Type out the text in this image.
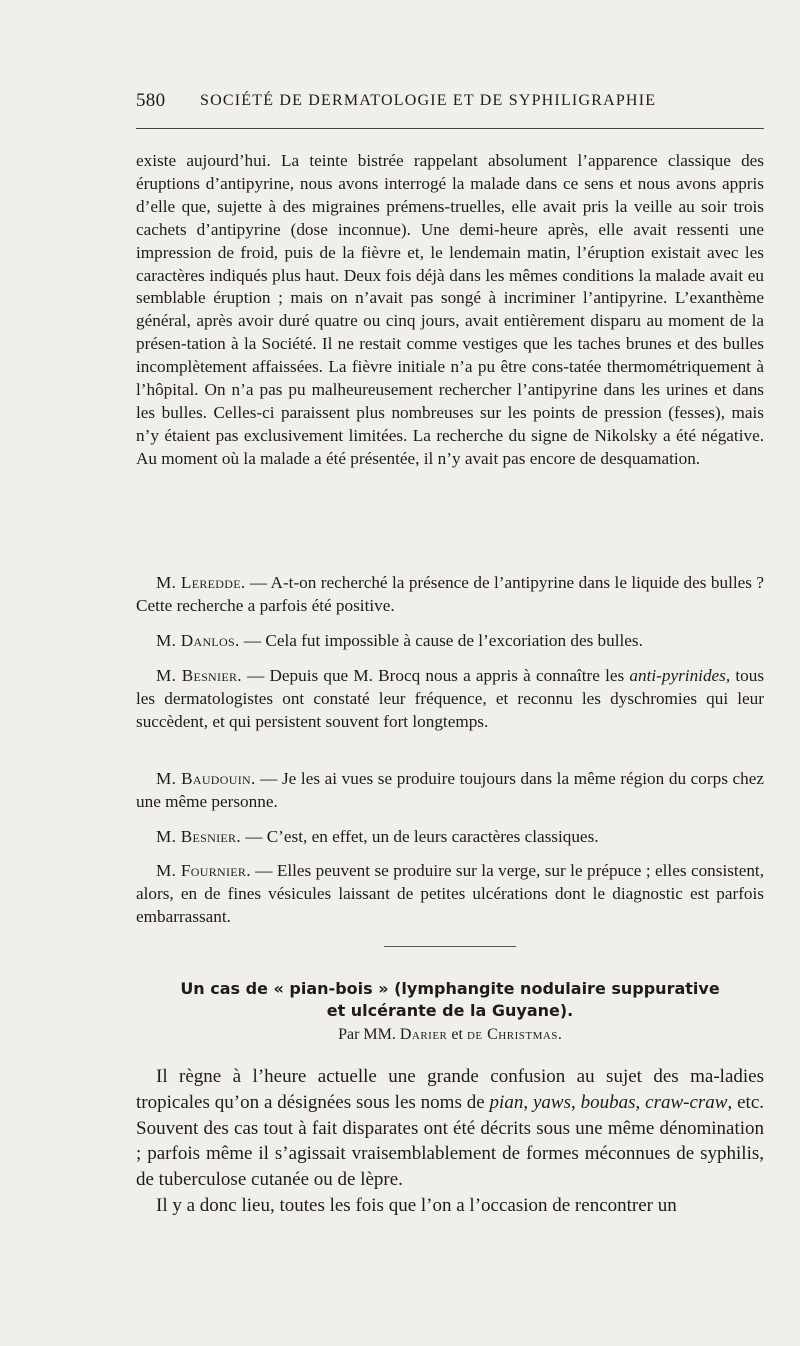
580 SOCIÉTÉ DE DERMATOLOGIE ET DE SYPHILIGRAPHIE

existe aujourd’hui. La teinte bistrée rappelant absolument l’apparence classique des éruptions d’antipyrine, nous avons interrogé la malade dans ce sens et nous avons appris d’elle que, sujette à des migraines prémens-truelles, elle avait pris la veille au soir trois cachets d’antipyrine (dose inconnue). Une demi-heure après, elle avait ressenti une impression de froid, puis de la fièvre et, le lendemain matin, l’éruption existait avec les caractères indiqués plus haut. Deux fois déjà dans les mêmes conditions la malade avait eu semblable éruption ; mais on n’avait pas songé à incriminer l’antipyrine. L’exanthème général, après avoir duré quatre ou cinq jours, avait entièrement disparu au moment de la présen-tation à la Société. Il ne restait comme vestiges que les taches brunes et des bulles incomplètement affaissées. La fièvre initiale n’a pu être cons-tatée thermométriquement à l’hôpital. On n’a pas pu malheureusement rechercher l’antipyrine dans les urines et dans les bulles. Celles-ci paraissent plus nombreuses sur les points de pression (fesses), mais n’y étaient pas exclusivement limitées. La recherche du signe de Nikolsky a été négative. Au moment où la malade a été présentée, il n’y avait pas encore de desquamation.

M. Leredde. — A-t-on recherché la présence de l’antipyrine dans le liquide des bulles ? Cette recherche a parfois été positive.

M. Danlos. — Cela fut impossible à cause de l’excoriation des bulles.

M. Besnier. — Depuis que M. Brocq nous a appris à connaître les anti-pyrinides, tous les dermatologistes ont constaté leur fréquence, et reconnu les dyschromies qui leur succèdent, et qui persistent souvent fort longtemps.

M. Baudouin. — Je les ai vues se produire toujours dans la même région du corps chez une même personne.

M. Besnier. — C’est, en effet, un de leurs caractères classiques.

M. Fournier. — Elles peuvent se produire sur la verge, sur le prépuce ; elles consistent, alors, en de fines vésicules laissant de petites ulcérations dont le diagnostic est parfois embarrassant.

Un cas de « pian-bois » (lymphangite nodulaire suppurative
et ulcérante de la Guyane).
Par MM. Darier et de Christmas.

Il règne à l’heure actuelle une grande confusion au sujet des ma-ladies tropicales qu’on a désignées sous les noms de pian, yaws, boubas, craw-craw, etc. Souvent des cas tout à fait disparates ont été décrits sous une même dénomination ; parfois même il s’agissait vraisemblablement de formes méconnues de syphilis, de tuberculose cutanée ou de lèpre.

Il y a donc lieu, toutes les fois que l’on a l’occasion de rencontrer un
